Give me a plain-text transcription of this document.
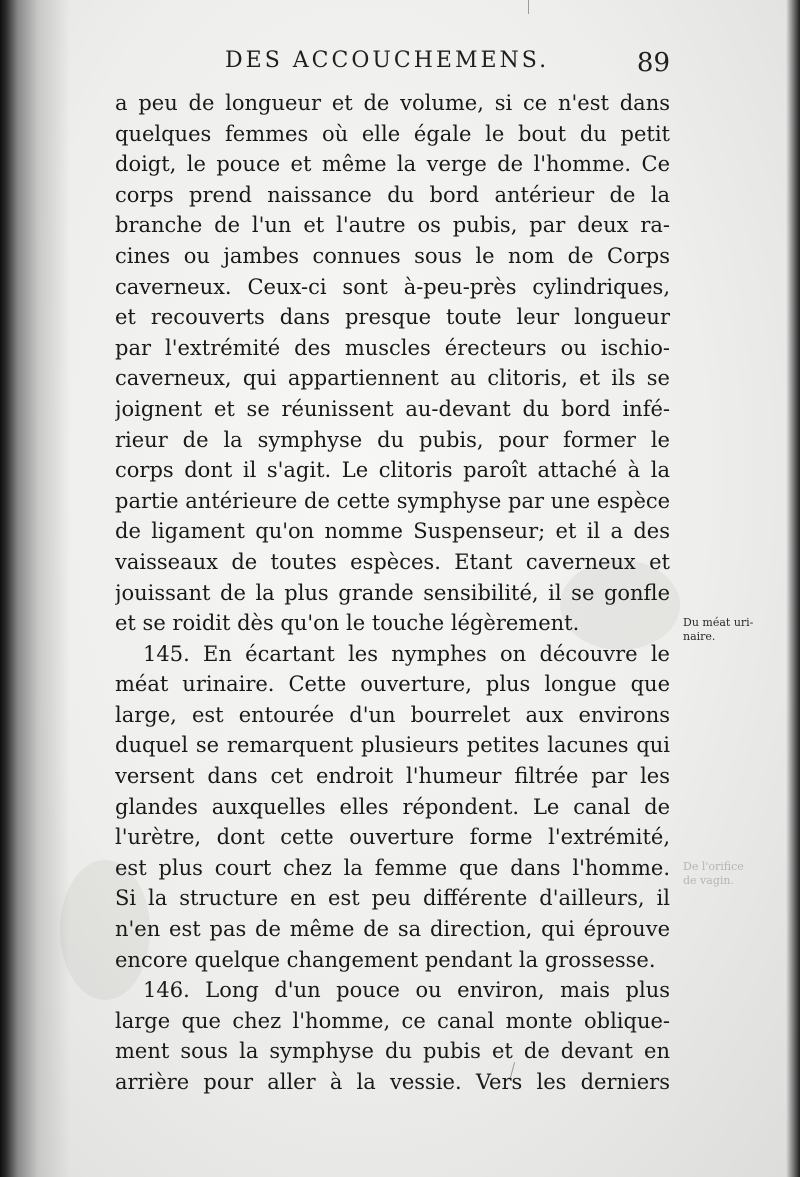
DES ACCOUCHEMENS.	89
a peu de longueur et de volume, si ce n'est dans
quelques femmes où elle égale le bout du petit
doigt, le pouce et même la verge de l'homme. Ce
corps prend naissance du bord antérieur de la
branche de l'un et l'autre os pubis, par deux ra-
cines ou jambes connues sous le nom de Corps
caverneux. Ceux-ci sont à-peu-près cylindriques,
et recouverts dans presque toute leur longueur
par l'extrémité des muscles érecteurs ou ischio-
caverneux, qui appartiennent au clitoris, et ils se
joignent et se réunissent au-devant du bord infé-
rieur de la symphyse du pubis, pour former le
corps dont il s'agit. Le clitoris paroît attaché à la
partie antérieure de cette symphyse par une espèce
de ligament qu'on nomme Suspenseur; et il a des
vaisseaux de toutes espèces. Etant caverneux et
jouissant de la plus grande sensibilité, il se gonfle
et se roidit dès qu'on le touche légèrement.
145. En écartant les nymphes on découvre le
méat urinaire. Cette ouverture, plus longue que
large, est entourée d'un bourrelet aux environs
duquel se remarquent plusieurs petites lacunes qui
versent dans cet endroit l'humeur filtrée par les
glandes auxquelles elles répondent. Le canal de
l'urètre, dont cette ouverture forme l'extrémité,
est plus court chez la femme que dans l'homme.
Si la structure en est peu différente d'ailleurs, il
n'en est pas de même de sa direction, qui éprouve
encore quelque changement pendant la grossesse.
146. Long d'un pouce ou environ, mais plus
large que chez l'homme, ce canal monte oblique-
ment sous la symphyse du pubis et de devant en
arrière pour aller à la vessie. Vers les derniers
Du méat uri-
naire.
De l'orifice
de vagin.
